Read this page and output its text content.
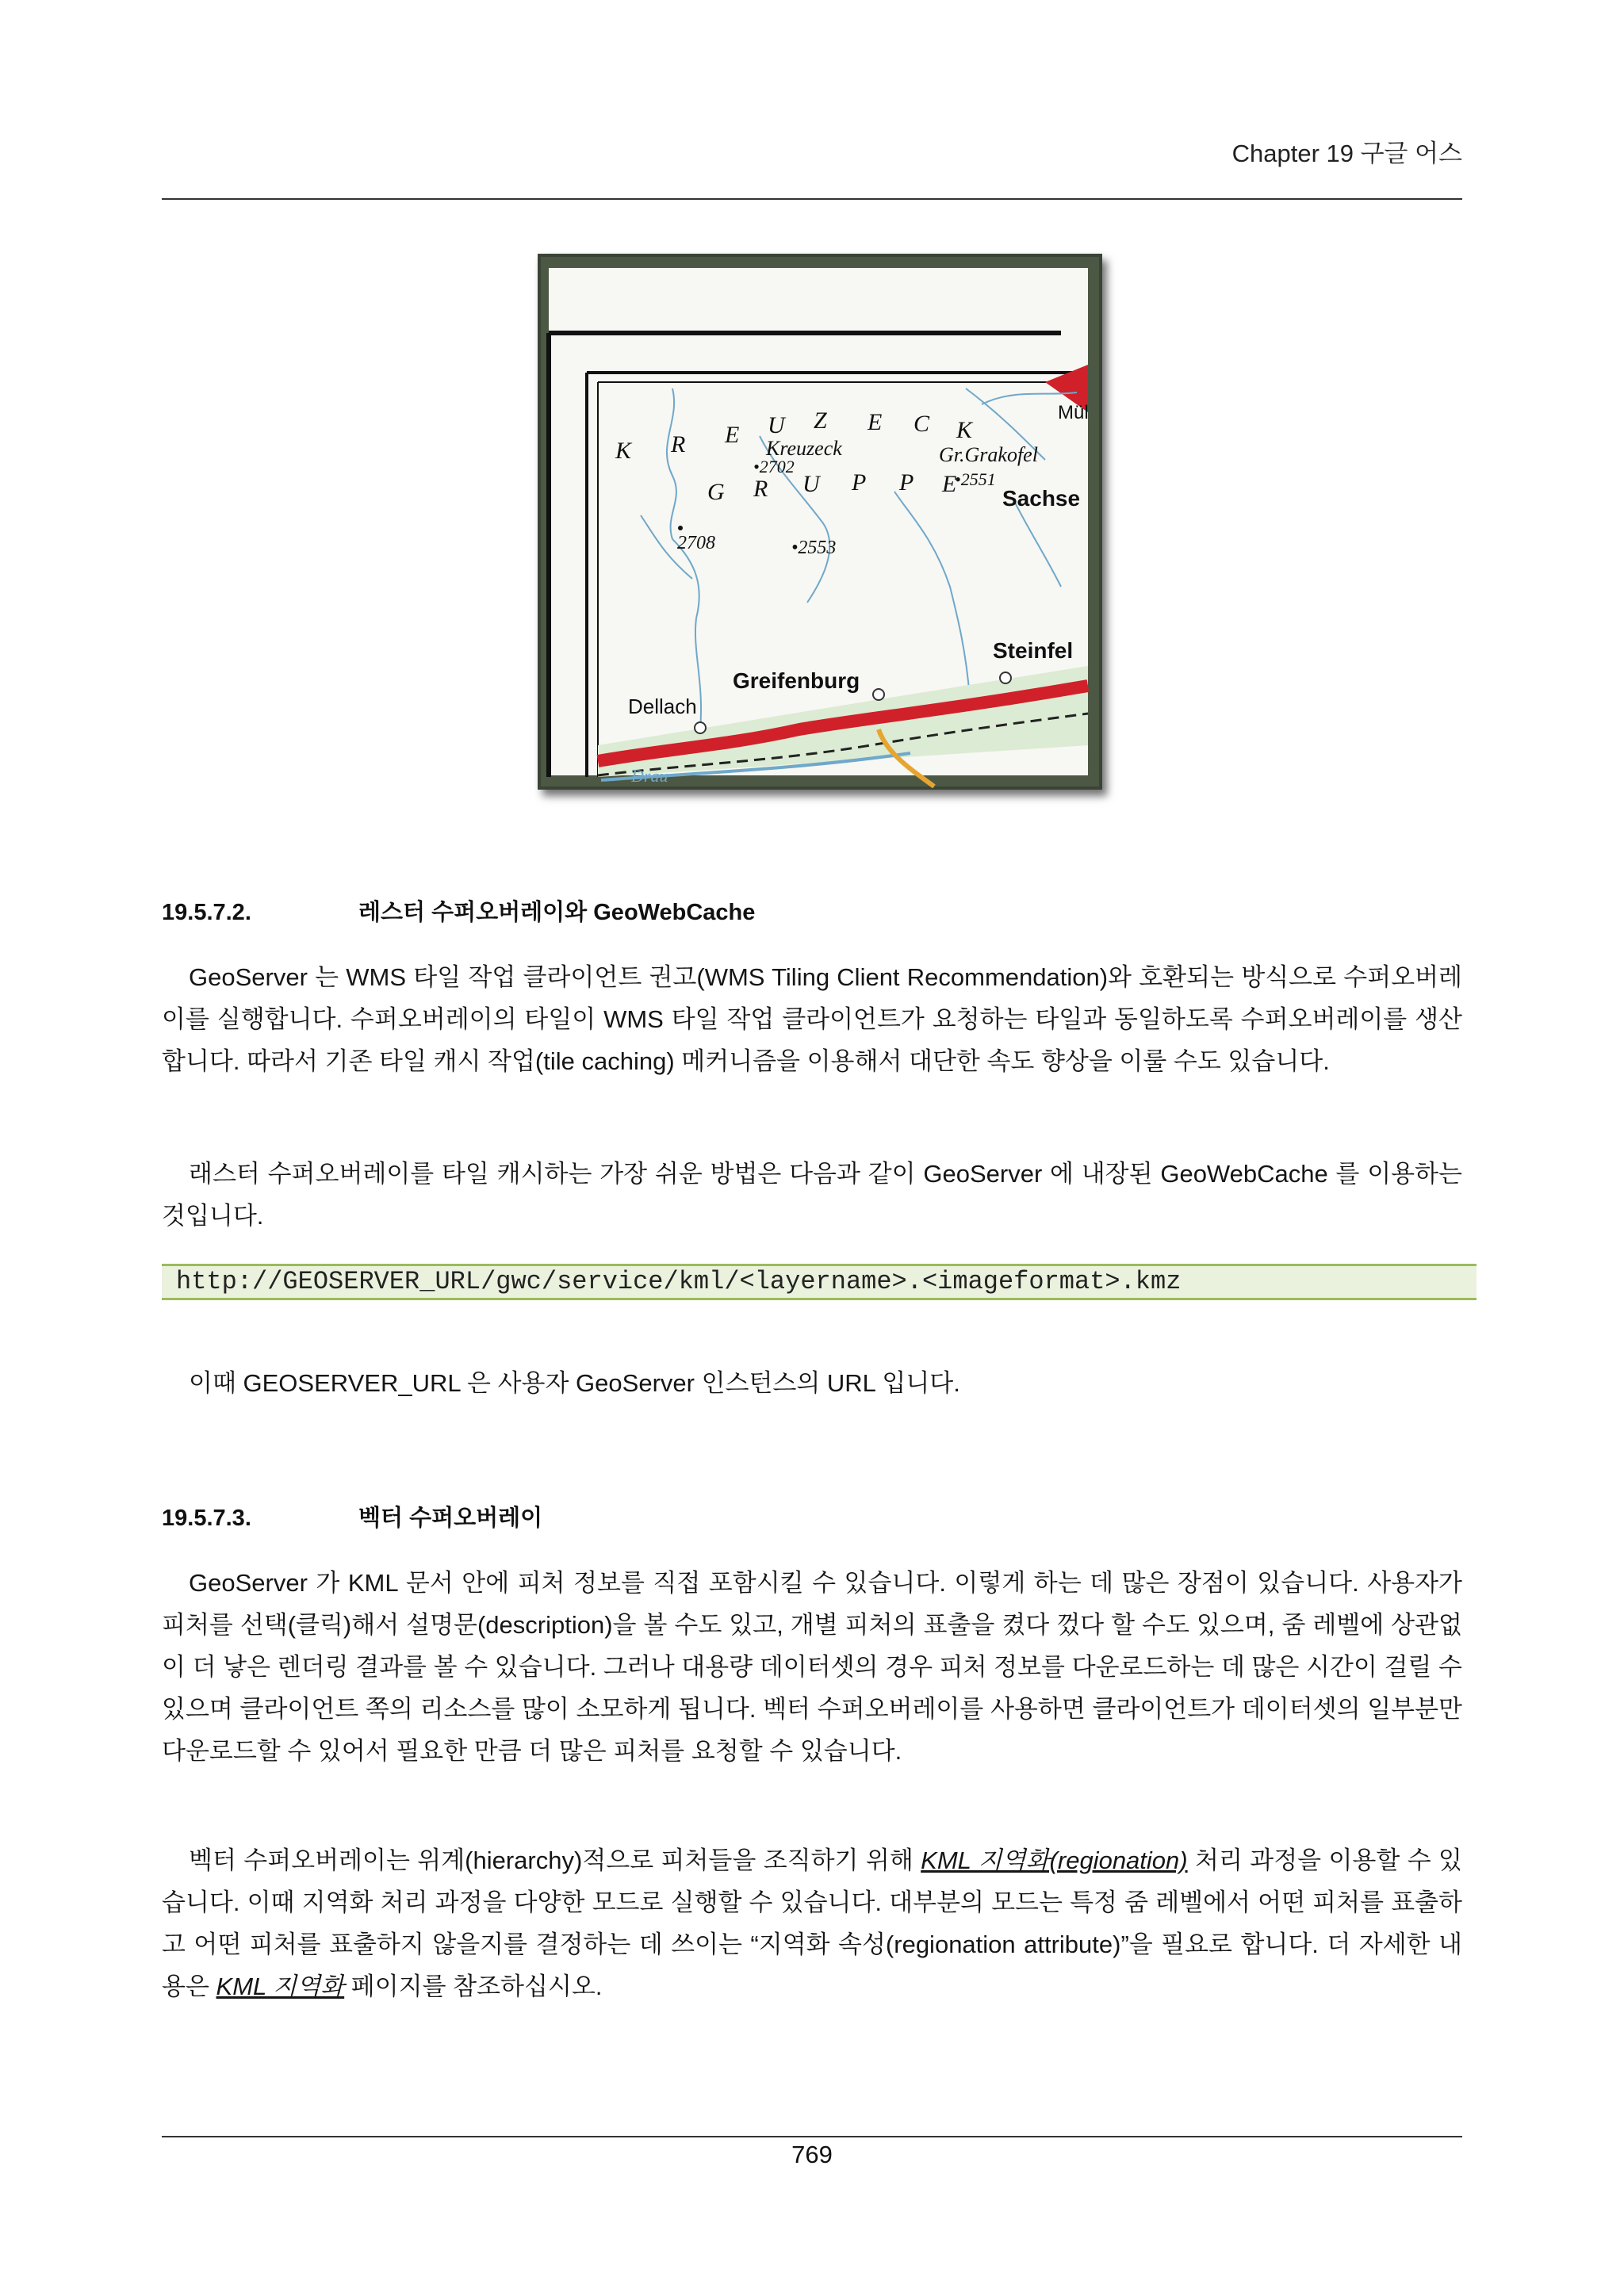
Chapter 19 구글 어스
K R E U Z E C K
G R U P P E
Kreuzeck
•2702
Gr.Grakofel
•2551
2708	•2553
Drau
Sachse
Mül
Greifenburg
Steinfel
Dellach
19.5.7.2.	레스터 수퍼오버레이와 GeoWebCache
GeoServer 는 WMS 타일 작업 클라이언트 권고(WMS Tiling Client Recommendation)와 호환되는 방식으로 수퍼오버레이를 실행합니다. 수퍼오버레이의 타일이 WMS 타일 작업 클라이언트가 요청하는 타일과 동일하도록 수퍼오버레이를 생산합니다. 따라서 기존 타일 캐시 작업(tile caching) 메커니즘을 이용해서 대단한 속도 향상을 이룰 수도 있습니다.
래스터 수퍼오버레이를 타일 캐시하는 가장 쉬운 방법은 다음과 같이 GeoServer 에 내장된 GeoWebCache 를 이용하는 것입니다.
http://GEOSERVER_URL/gwc/service/kml/<layername>.<imageformat>.kmz
이때 GEOSERVER_URL 은 사용자 GeoServer 인스턴스의 URL 입니다.
19.5.7.3.	벡터 수퍼오버레이
GeoServer 가 KML 문서 안에 피처 정보를 직접 포함시킬 수 있습니다. 이렇게 하는 데 많은 장점이 있습니다. 사용자가 피처를 선택(클릭)해서 설명문(description)을 볼 수도 있고, 개별 피처의 표출을 켰다 껐다 할 수도 있으며, 줌 레벨에 상관없이 더 낳은 렌더링 결과를 볼 수 있습니다. 그러나 대용량 데이터셋의 경우 피처 정보를 다운로드하는 데 많은 시간이 걸릴 수 있으며 클라이언트 쪽의 리소스를 많이 소모하게 됩니다. 벡터 수퍼오버레이를 사용하면 클라이언트가 데이터셋의 일부분만 다운로드할 수 있어서 필요한 만큼 더 많은 피처를 요청할 수 있습니다.
벡터 수퍼오버레이는 위계(hierarchy)적으로 피처들을 조직하기 위해 KML 지역화(regionation) 처리 과정을 이용할 수 있습니다. 이때 지역화 처리 과정을 다양한 모드로 실행할 수 있습니다. 대부분의 모드는 특정 줌 레벨에서 어떤 피처를 표출하고 어떤 피처를 표출하지 않을지를 결정하는 데 쓰이는 “지역화 속성(regionation attribute)”을 필요로 합니다. 더 자세한 내용은 KML 지역화 페이지를 참조하십시오.
769
